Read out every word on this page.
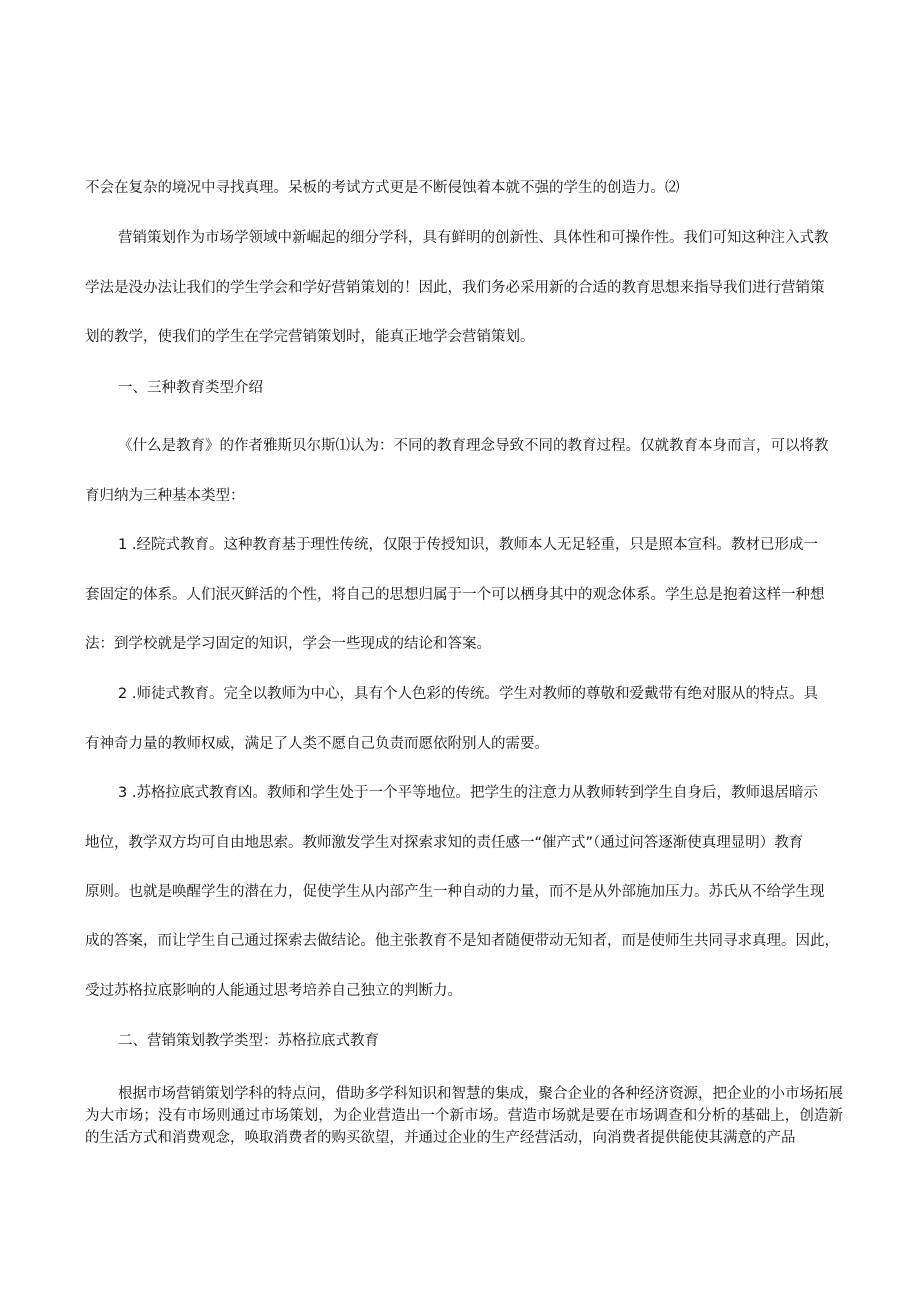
不会在复杂的境况中寻找真理。呆板的考试方式更是不断侵蚀着本就不强的学生的创造力。⑵
营销策划作为市场学领域中新崛起的细分学科，具有鲜明的创新性、具体性和可操作性。我们可知这种注入式教
学法是没办法让我们的学生学会和学好营销策划的！因此，我们务必采用新的合适的教育思想来指导我们进行营销策
划的教学，使我们的学生在学完营销策划时，能真正地学会营销策划。
一、三种教育类型介绍
《什么是教育》的作者雅斯贝尔斯⑴认为：不同的教育理念导致不同的教育过程。仅就教育本身而言，可以将教
育归纳为三种基本类型：
1 .经院式教育。这种教育基于理性传统，仅限于传授知识，教师本人无足轻重，只是照本宣科。教材已形成一
套固定的体系。人们泯灭鲜活的个性，将自己的思想归属于一个可以栖身其中的观念体系。学生总是抱着这样一种想
法：到学校就是学习固定的知识，学会一些现成的结论和答案。
2 .师徒式教育。完全以教师为中心，具有个人色彩的传统。学生对教师的尊敬和爱戴带有绝对服从的特点。具
有神奇力量的教师权威，满足了人类不愿自己负责而愿依附别人的需要。
3 .苏格拉底式教育凶。教师和学生处于一个平等地位。把学生的注意力从教师转到学生自身后，教师退居暗示
地位，教学双方均可自由地思索。教师激发学生对探索求知的责任感一“催产式”（通过问答逐渐使真理显明）教育
原则。也就是唤醒学生的潜在力，促使学生从内部产生一种自动的力量，而不是从外部施加压力。苏氏从不给学生现
成的答案，而让学生自己通过探索去做结论。他主张教育不是知者随便带动无知者，而是使师生共同寻求真理。因此，
受过苏格拉底影响的人能通过思考培养自己独立的判断力。
二、营销策划教学类型：苏格拉底式教育
根据市场营销策划学科的特点问，借助多学科知识和智慧的集成，聚合企业的各种经济资源，把企业的小市场拓展为大市场；没有市场则通过市场策划，为企业营造出一个新市场。营造市场就是要在市场调查和分析的基础上，创造新的生活方式和消费观念，唤取消费者的购买欲望，并通过企业的生产经营活动，向消费者提供能使其满意的产品
